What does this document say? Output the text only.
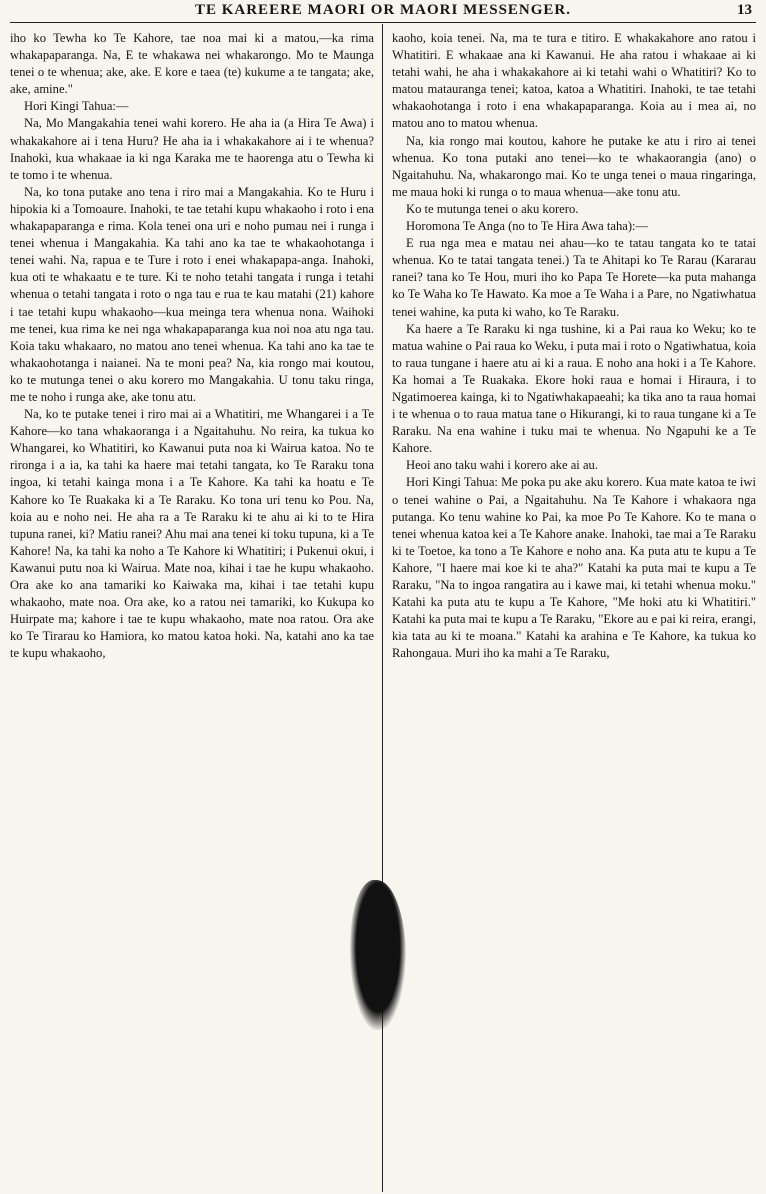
TE KAREERE MAORI OR MAORI MESSENGER.	13

iho ko Tewha ko Te Kahore, tae noa mai ki a matou,—ka rima whakapaparanga. Na, E te whakawa nei whakarongo. Mo te Maunga tenei o te whenua; ake, ake. E kore e taea (te) kukume a te tangata; ake, ake, amine."

Hori Kingi Tahua:—

Na, Mo Mangakahia tenei wahi korero. He aha ia (a Hira Te Awa) i whakakahore ai i tena Huru? He aha ia i whakakahore ai i te whenua? Inahoki, kua whakaae ia ki nga Karaka me te haorenga atu o Tewha ki te tomo i te whenua.

Na, ko tona putake ano tena i riro mai a Mangakahia. Ko te Huru i hipokia ki a Tomoaure. Inahoki, te tae tetahi kupu whakaoho i roto i ena whakapaparanga e rima. Kola tenei ona uri e noho pumau nei i runga i tenei whenua i Mangakahia. Ka tahi ano ka tae te whakaohotanga i tenei wahi. Na, rapua e te Ture i roto i enei whakapapa-anga. Inahoki, kua oti te whakaatu e te ture. Ki te noho tetahi tangata i runga i tetahi whenua o tetahi tangata i roto o nga tau e rua te kau matahi (21) kahore i tae tetahi kupu whakaoho—kua meinga tera whenua nona. Waihoki me tenei, kua rima ke nei nga whakapaparanga kua noi noa atu nga tau. Koia taku whakaaro, no matou ano tenei whenua. Ka tahi ano ka tae te whakaohotanga i naianei. Na te moni pea? Na, kia rongo mai koutou, ko te mutunga tenei o aku korero mo Mangakahia. U tonu taku ringa, me te noho i runga ake, ake tonu atu.

Na, ko te putake tenei i riro mai ai a Whatitiri, me Whangarei i a Te Kahore—ko tana whakaoranga i a Ngaitahuhu. No reira, ka tukua ko Whangarei, ko Whatitiri, ko Kawanui puta noa ki Wairua katoa. No te rironga i a ia, ka tahi ka haere mai tetahi tangata, ko Te Raraku tona ingoa, ki tetahi kainga mona i a Te Kahore. Ka tahi ka hoatu e Te Kahore ko Te Ruakaka ki a Te Raraku. Ko tona uri tenu ko Pou. Na, koia au e noho nei. He aha ra a Te Raraku ki te ahu ai ki to te Hira tupuna ranei, ki? Matiu ranei? Ahu mai ana tenei ki toku tupuna, ki a Te Kahore! Na, ka tahi ka noho a Te Kahore ki Whatitiri; i Pukenui okui, i Kawanui putu noa ki Wairua. Mate noa, kihai i tae he kupu whakaoho. Ora ake ko ana tamariki ko Kaiwaka ma, kihai i tae tetahi kupu whakaoho, mate noa. Ora ake, ko a ratou nei tamariki, ko Kukupa ko Huirpate ma; kahore i tae te kupu whakaoho, mate noa ratou. Ora ake ko Te Tirarau ko Hamiora, ko matou katoa hoki. Na, katahi ano ka tae te kupu whakaoho,

kaoho, koia tenei. Na, ma te tura e titiro. E whakakahore ano ratou i Whatitiri. E whakaae ana ki Kawanui. He aha ratou i whakaae ai ki tetahi wahi, he aha i whakakahore ai ki tetahi wahi o Whatitiri? Ko to matou matauranga tenei; katoa, katoa a Whatitiri. Inahoki, te tae tetahi whakaohotanga i roto i ena whakapaparanga. Koia au i mea ai, no matou ano to matou whenua.

Na, kia rongo mai koutou, kahore he putake ke atu i riro ai tenei whenua. Ko tona putaki ano tenei—ko te whakaorangia (ano) o Ngaitahuhu. Na, whakarongo mai. Ko te unga tenei o maua ringaringa, me maua hoki ki runga o to maua whenua—ake tonu atu.

Ko te mutunga tenei o aku korero.

Horomona Te Anga (no to Te Hira Awa taha):—

E rua nga mea e matau nei ahau—ko te tatau tangata ko te tatai whenua. Ko te tatai tangata tenei.) Ta te Ahitapi ko Te Rarau (Kararau ranei? tana ko Te Hou, muri iho ko Papa Te Horete—ka puta mahanga ko Te Waha ko Te Hawato. Ka moe a Te Waha i a Pare, no Ngatiwhatua tenei wahine, ka puta ki waho, ko Te Raraku.

Ka haere a Te Raraku ki nga tushine, ki a Pai raua ko Weku; ko te matua wahine o Pai raua ko Weku, i puta mai i roto o Ngatiwhatua, koia to raua tungane i haere atu ai ki a raua. E noho ana hoki i a Te Kahore. Ka homai a Te Ruakaka. Ekore hoki raua e homai i Hiraura, i to Ngatimoerea kainga, ki to Ngatiwhakapaeahi; ka tika ano ta raua homai i te whenua o to raua matua tane o Hikurangi, ki to raua tungane ki a Te Raraku. Na ena wahine i tuku mai te whenua. No Ngapuhi ke a Te Kahore.

Heoi ano taku wahi i korero ake ai au.

Hori Kingi Tahua: Me poka pu ake aku korero. Kua mate katoa te iwi o tenei wahine o Pai, a Ngaitahuhu. Na Te Kahore i whakaora nga putanga. Ko tenu wahine ko Pai, ka moe Po Te Kahore. Ko te mana o tenei whenua katoa kei a Te Kahore anake. Inahoki, tae mai a Te Raraku ki te Toetoe, ka tono a Te Kahore e noho ana. Ka puta atu te kupu a Te Kahore, "I haere mai koe ki te aha?" Katahi ka puta mai te kupu a Te Raraku, "Na to ingoa rangatira au i kawe mai, ki tetahi whenua moku." Katahi ka puta atu te kupu a Te Kahore, "Me hoki atu ki Whatitiri." Katahi ka puta mai te kupu a Te Raraku, "Ekore au e pai ki reira, erangi, kia tata au ki te moana." Katahi ka arahina e Te Kahore, ka tukua ko Rahongaua. Muri iho ka mahi a Te Raraku,
